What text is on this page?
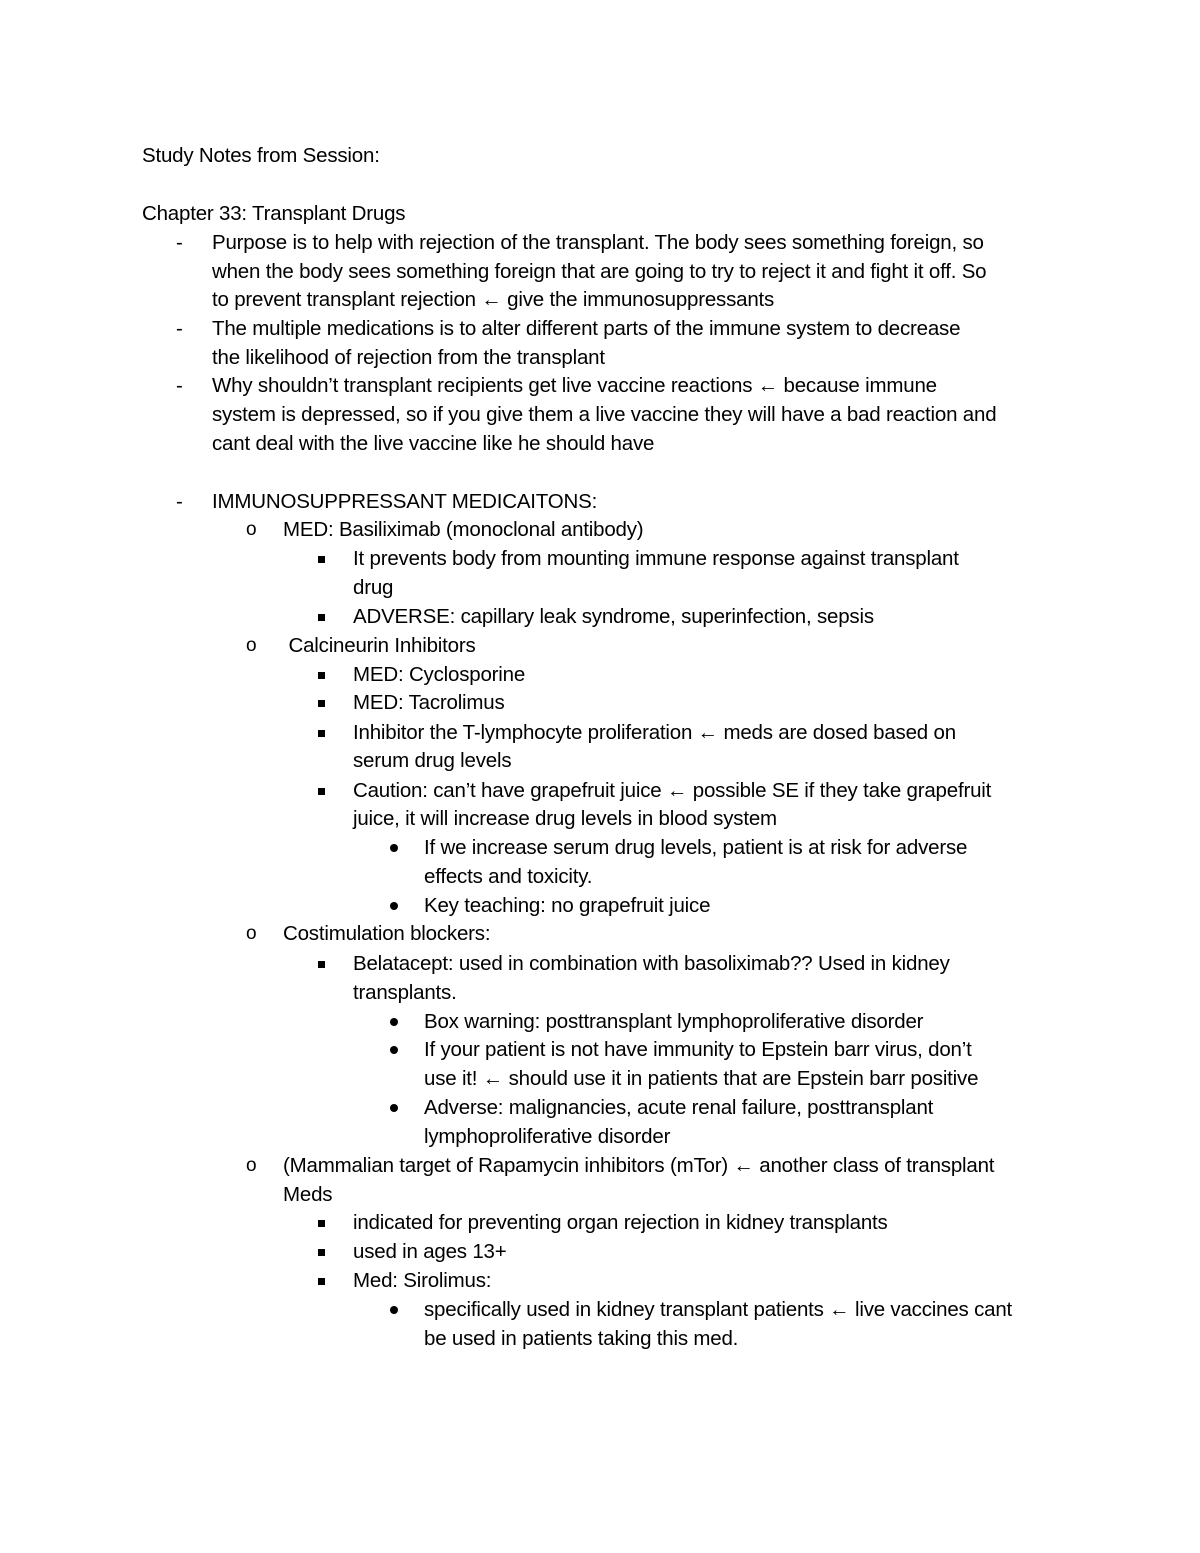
Study Notes from Session:
Chapter 33: Transplant Drugs
- Purpose is to help with rejection of the transplant. The body sees something foreign, so
when the body sees something foreign that are going to try to reject it and fight it off. So
to prevent transplant rejection ← give the immunosuppressants
- The multiple medications is to alter different parts of the immune system to decrease
the likelihood of rejection from the transplant
- Why shouldn’t transplant recipients get live vaccine reactions ← because immune
system is depressed, so if you give them a live vaccine they will have a bad reaction and
cant deal with the live vaccine like he should have
- IMMUNOSUPPRESSANT MEDICAITONS:
o MED: Basiliximab (monoclonal antibody)
It prevents body from mounting immune response against transplant
drug
ADVERSE: capillary leak syndrome, superinfection, sepsis
o Calcineurin Inhibitors
MED: Cyclosporine
MED: Tacrolimus
Inhibitor the T-lymphocyte proliferation ← meds are dosed based on
serum drug levels
Caution: can’t have grapefruit juice ← possible SE if they take grapefruit
juice, it will increase drug levels in blood system
If we increase serum drug levels, patient is at risk for adverse
effects and toxicity.
Key teaching: no grapefruit juice
o Costimulation blockers:
Belatacept: used in combination with basoliximab?? Used in kidney
transplants.
Box warning: posttransplant lymphoproliferative disorder
If your patient is not have immunity to Epstein barr virus, don’t
use it! ← should use it in patients that are Epstein barr positive
Adverse: malignancies, acute renal failure, posttransplant
lymphoproliferative disorder
o (Mammalian target of Rapamycin inhibitors (mTor) ← another class of transplant
Meds
indicated for preventing organ rejection in kidney transplants
used in ages 13+
Med: Sirolimus:
specifically used in kidney transplant patients ← live vaccines cant
be used in patients taking this med.
